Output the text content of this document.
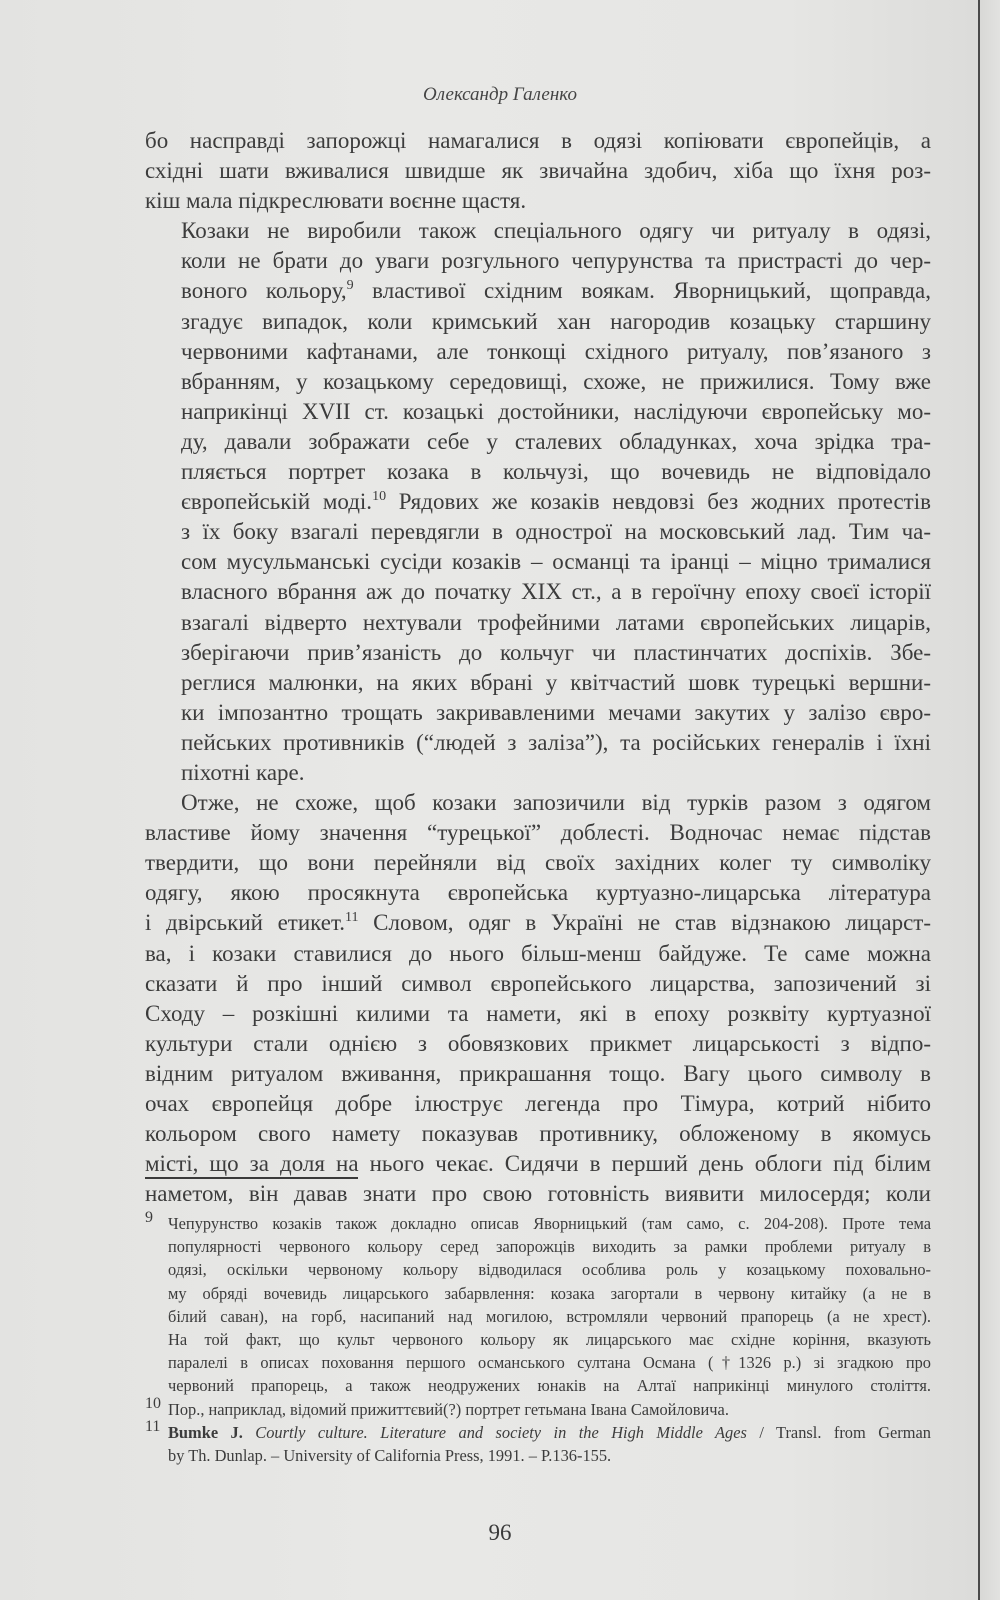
Олександр Галенко

бо насправді запорожці намагалися в одязі копіювати європейців, а
східні шати вживалися швидше як звичайна здобич, хіба що їхня роз-
кіш мала підкреслювати воєнне щастя.

Козаки не виробили також спеціального одягу чи ритуалу в одязі,
коли не брати до уваги розгульного чепурунства та пристрасті до чер-
воного кольору,$^9$ властивої східним воякам. Яворницький, щоправда,
згадує випадок, коли кримський хан нагородив козацьку старшину
червоними кафтанами, але тонкощі східного ритуалу, пов’язаного з
вбранням, у козацькому середовищі, схоже, не прижилися. Тому вже
наприкінці XVII ст. козацькі достойники, наслідуючи європейську мо-
ду, давали зображати себе у сталевих обладунках, хоча зрідка тра-
пляється портрет козака в кольчузі, що вочевидь не відповідало
європейській моді.$^{10}$ Рядових же козаків невдовзі без жодних протестів
з їх боку взагалі перевдягли в однострої на московський лад. Тим ча-
сом мусульманські сусіди козаків – османці та іранці – міцно трималися
власного вбрання аж до початку XIX ст., а в героїчну епоху своєї історії
взагалі відверто нехтували трофейними латами європейських лицарів,
зберігаючи прив’язаність до кольчуг чи пластинчатих доспіхів. Збе-
реглися малюнки, на яких вбрані у квітчастий шовк турецькі вершни-
ки імпозантно трощать закривавленими мечами закутих у залізо євро-
пейських противників (“людей з заліза”), та російських генералів і їхні
піхотні каре.

Отже, не схоже, щоб козаки запозичили від турків разом з одягом
властиве йому значення “турецької” доблесті. Водночас немає підстав
твердити, що вони перейняли від своїх західних колег ту символіку
одягу, якою просякнута європейська куртуазно-лицарська література
і двірський етикет.$^{11}$ Словом, одяг в Україні не став відзнакою лицарст-
ва, і козаки ставилися до нього більш-менш байдуже. Те саме можна
сказати й про інший символ європейського лицарства, запозичений зі
Сходу – розкішні килими та намети, які в епоху розквіту куртуазної
культури стали однією з обовязкових прикмет лицарськості з відпо-
відним ритуалом вживання, прикрашання тощо. Вагу цього символу в
очах європейця добре ілюструє легенда про Тімура, котрий нібито
кольором свого намету показував противнику, обложеному в якомусь
місті, що за доля на нього чекає. Сидячи в перший день облоги під білим
наметом, він давав знати про свою готовність виявити милосердя; коли

9 Чепурунство козаків також докладно описав Яворницький (там само, с. 204-208). Проте тема
популярності червоного кольору серед запорожців виходить за рамки проблеми ритуалу в
одязі, оскільки червоному кольору відводилася особлива роль у козацькому поховально-
му обряді вочевидь лицарського забарвлення: козака загортали в червону китайку (а не в
білий саван), на горб, насипаний над могилою, встромляли червоний прапорець (а не хрест).
На той факт, що культ червоного кольору як лицарського має східне коріння, вказують
паралелі в описах поховання першого османського султана Османа (†1326 р.) зі згадкою про
червоний прапорець, а також неодружених юнаків на Алтаї наприкінці минулого століття.
10 Пор., наприклад, відомий прижиттєвий(?) портрет гетьмана Івана Самойловича.
11 Bumke J. Courtly culture. Literature and society in the High Middle Ages / Transl. from German
by Th. Dunlap. – University of California Press, 1991. – P.136-155.
96
